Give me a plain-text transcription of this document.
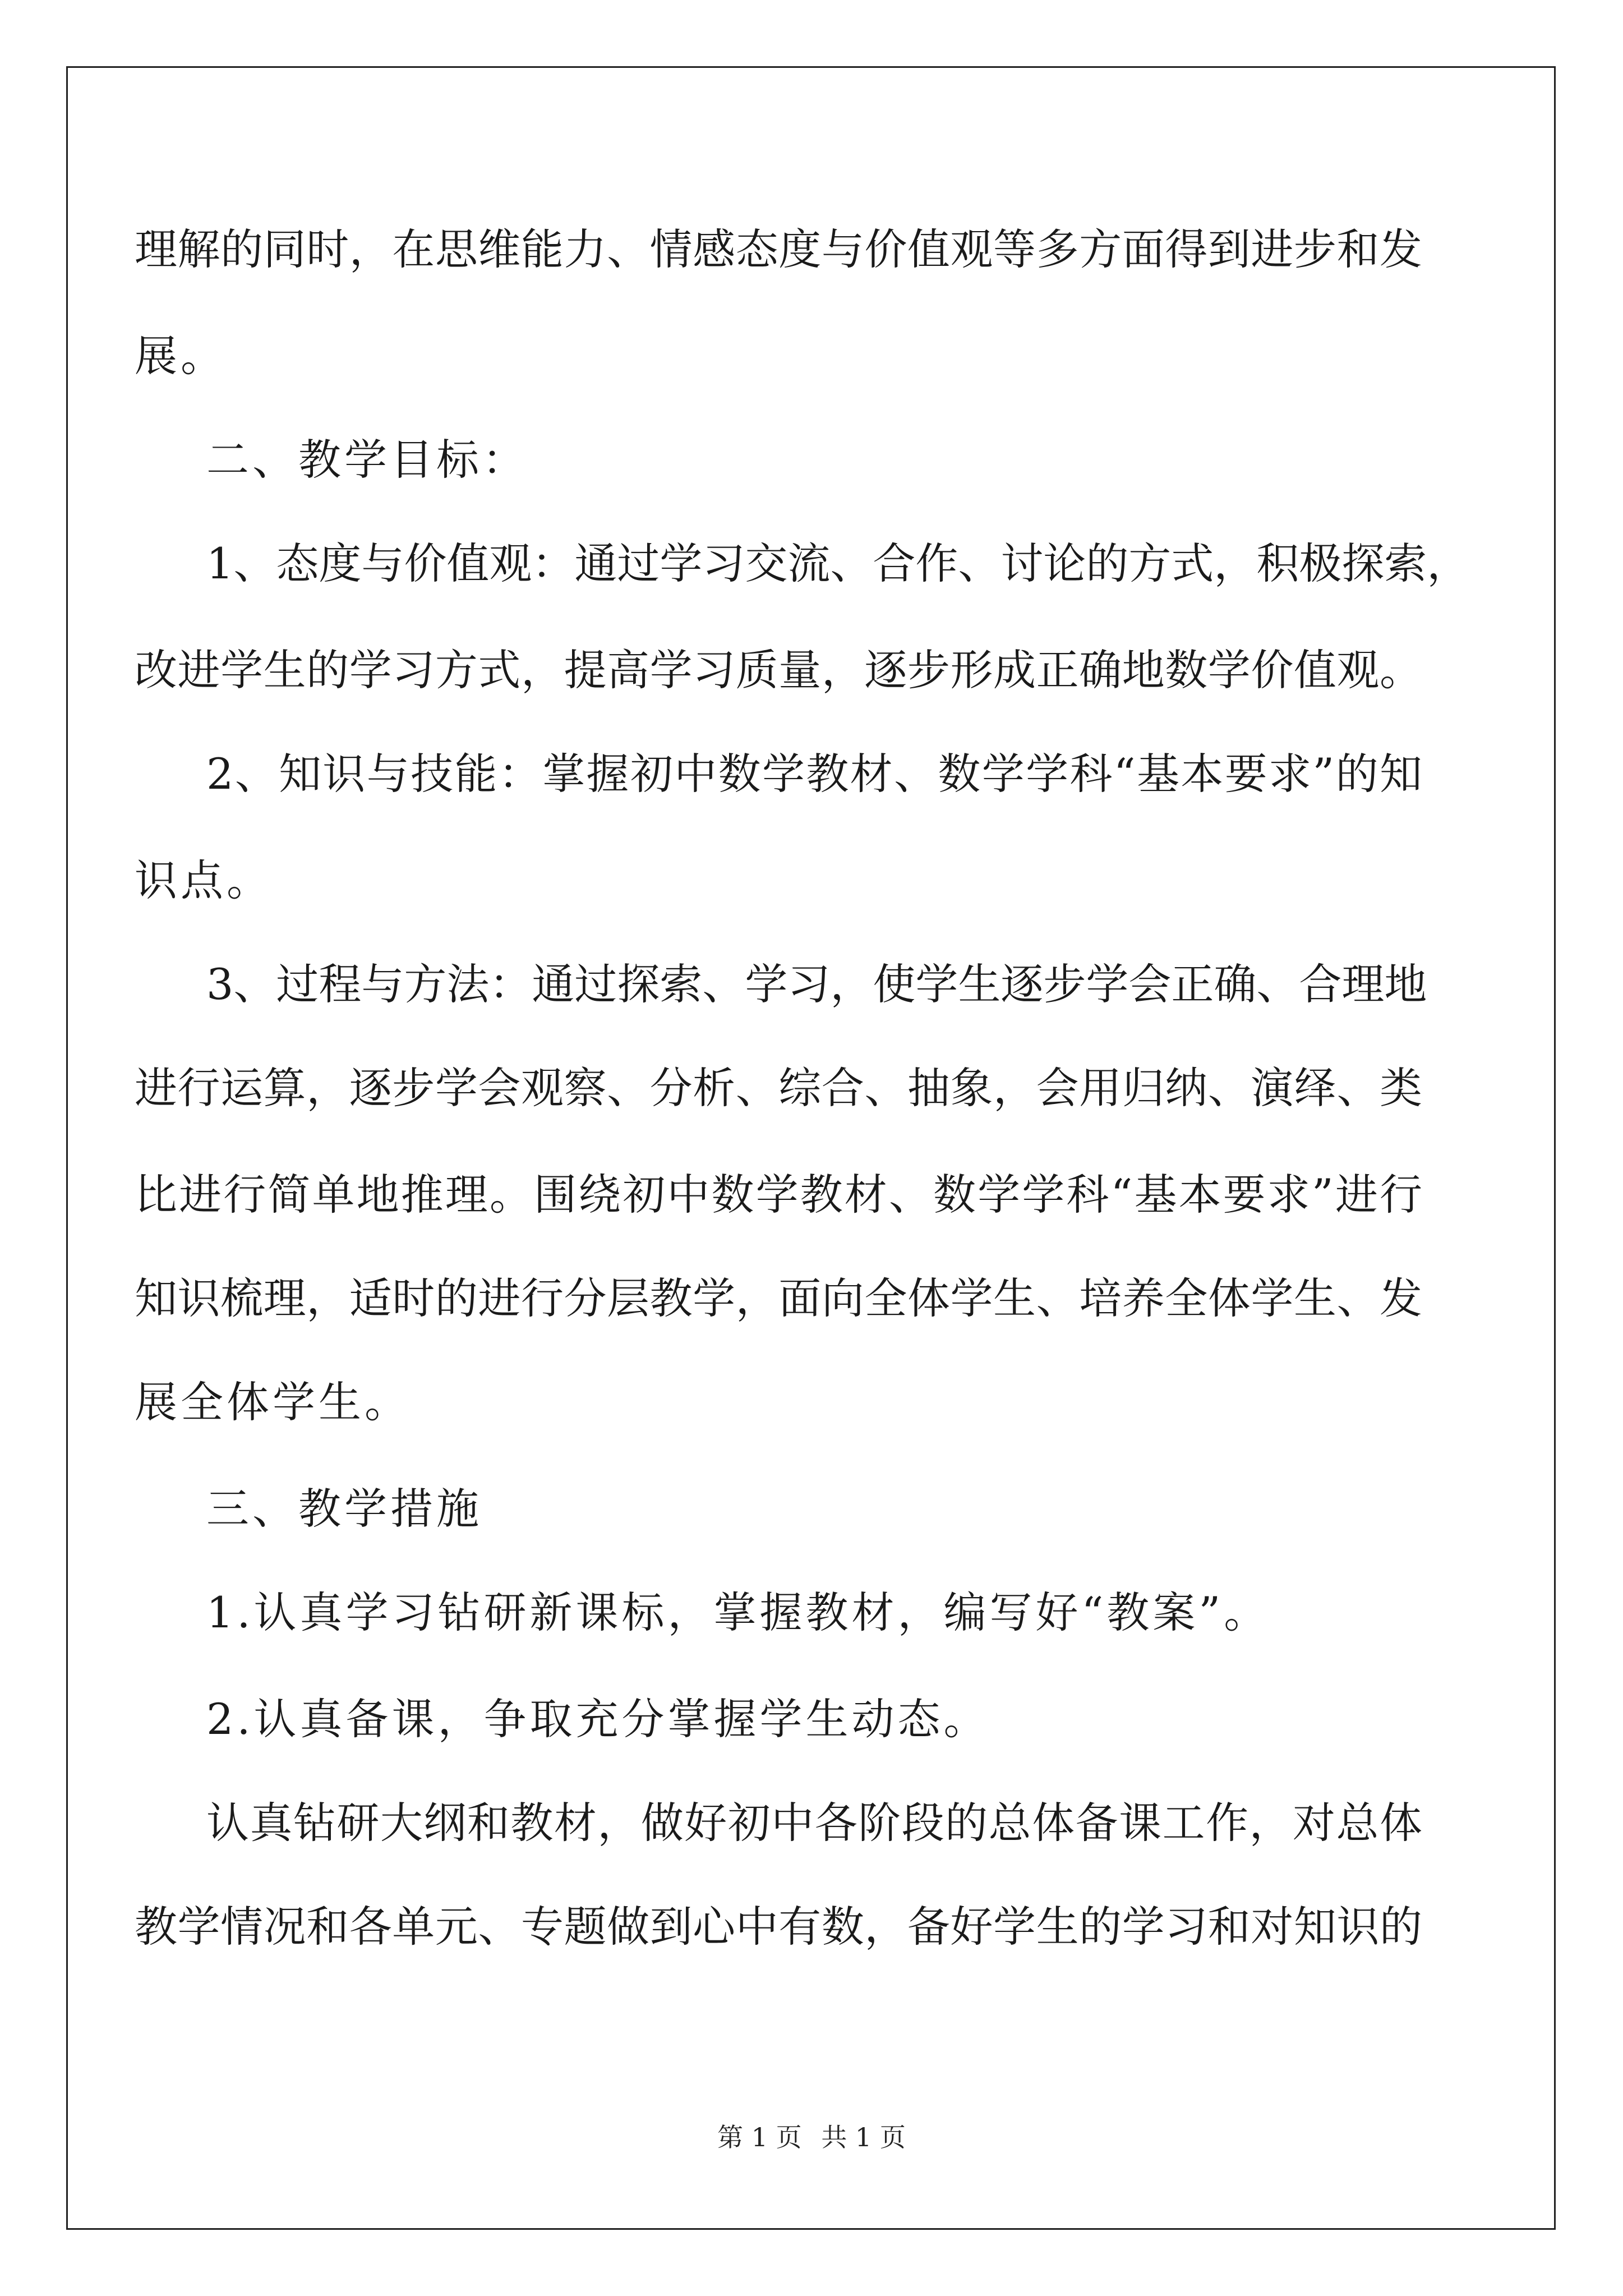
理解的同时，在思维能力、情感态度与价值观等多方面得到进步和发
展。
二、教学目标：
1、态度与价值观：通过学习交流、合作、讨论的方式，积极探索，
改进学生的学习方式，提高学习质量，逐步形成正确地数学价值观。
2、知识与技能：掌握初中数学教材、数学学科“基本要求”的知
识点。
3、过程与方法：通过探索、学习，使学生逐步学会正确、合理地
进行运算，逐步学会观察、分析、综合、抽象，会用归纳、演绎、类
比进行简单地推理。围绕初中数学教材、数学学科“基本要求”进行
知识梳理，适时的进行分层教学，面向全体学生、培养全体学生、发
展全体学生。
三、教学措施
1.认真学习钻研新课标，掌握教材，编写好“教案”。
2.认真备课，争取充分掌握学生动态。
认真钻研大纲和教材，做好初中各阶段的总体备课工作，对总体
教学情况和各单元、专题做到心中有数，备好学生的学习和对知识的
第 1 页 共 1 页
